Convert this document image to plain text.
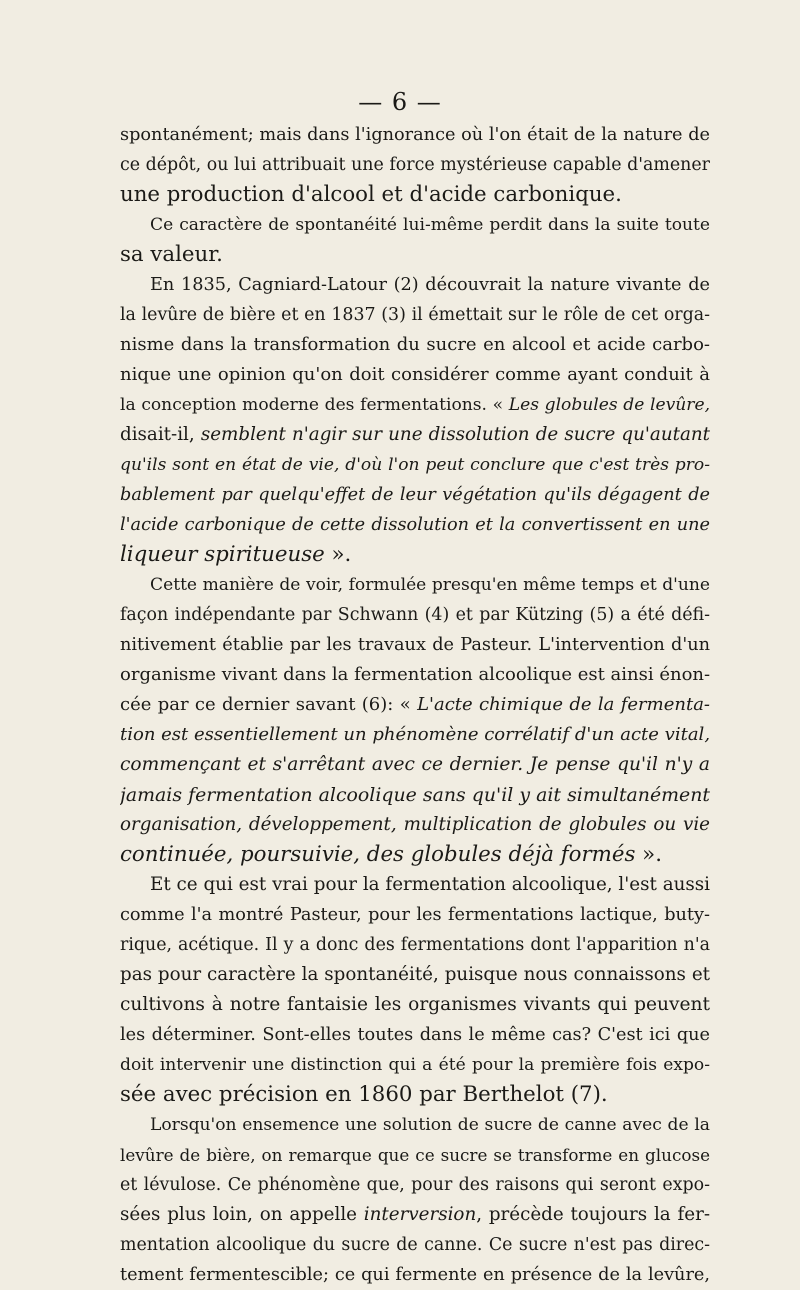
— 6 —
spontanément; mais dans l'ignorance où l'on était de la nature de
ce dépôt, ou lui attribuait une force mystérieuse capable d'amener
une production d'alcool et d'acide carbonique.
Ce caractère de spontanéité lui-même perdit dans la suite toute
sa valeur.
En 1835, Cagniard-Latour (2) découvrait la nature vivante de
la levûre de bière et en 1837 (3) il émettait sur le rôle de cet orga-
nisme dans la transformation du sucre en alcool et acide carbo-
nique une opinion qu'on doit considérer comme ayant conduit à
la conception moderne des fermentations. « Les globules de levûre,
disait-il, semblent n'agir sur une dissolution de sucre qu'autant
qu'ils sont en état de vie, d'où l'on peut conclure que c'est très pro-
bablement par quelqu'effet de leur végétation qu'ils dégagent de
l'acide carbonique de cette dissolution et la convertissent en une
liqueur spiritueuse ».
Cette manière de voir, formulée presqu'en même temps et d'une
façon indépendante par Schwann (4) et par Kützing (5) a été défi-
nitivement établie par les travaux de Pasteur. L'intervention d'un
organisme vivant dans la fermentation alcoolique est ainsi énon-
cée par ce dernier savant (6): « L'acte chimique de la fermenta-
tion est essentiellement un phénomène corrélatif d'un acte vital,
commençant et s'arrêtant avec ce dernier. Je pense qu'il n'y a
jamais fermentation alcoolique sans qu'il y ait simultanément
organisation, développement, multiplication de globules ou vie
continuée, poursuivie, des globules déjà formés ».
Et ce qui est vrai pour la fermentation alcoolique, l'est aussi
comme l'a montré Pasteur, pour les fermentations lactique, buty-
rique, acétique. Il y a donc des fermentations dont l'apparition n'a
pas pour caractère la spontanéité, puisque nous connaissons et
cultivons à notre fantaisie les organismes vivants qui peuvent
les déterminer. Sont-elles toutes dans le même cas? C'est ici que
doit intervenir une distinction qui a été pour la première fois expo-
sée avec précision en 1860 par Berthelot (7).
Lorsqu'on ensemence une solution de sucre de canne avec de la
levûre de bière, on remarque que ce sucre se transforme en glucose
et lévulose. Ce phénomène que, pour des raisons qui seront expo-
sées plus loin, on appelle interversion, précède toujours la fer-
mentation alcoolique du sucre de canne. Ce sucre n'est pas direc-
tement fermentescible; ce qui fermente en présence de la levûre,
